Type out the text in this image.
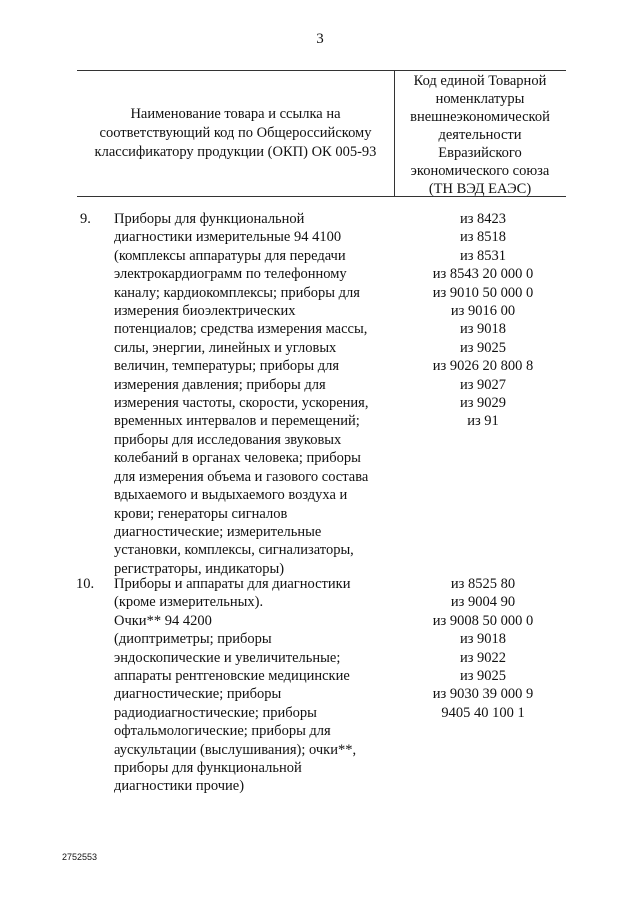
3
Наименование товара и ссылка на
соответствующий код по Общероссийскому
классификатору продукции (ОКП) ОК 005-93
Код единой Товарной
номенклатуры
внешнеэкономической
деятельности
Евразийского
экономического союза
(ТН ВЭД ЕАЭС)
9. Приборы для функциональной
диагностики измерительные 94 4100
(комплексы аппаратуры для передачи
электрокардиограмм по телефонному
каналу; кардиокомплексы; приборы для
измерения биоэлектрических
потенциалов; средства измерения массы,
силы, энергии, линейных и угловых
величин, температуры; приборы для
измерения давления; приборы для
измерения частоты, скорости, ускорения,
временных интервалов и перемещений;
приборы для исследования звуковых
колебаний в органах человека; приборы
для измерения объема и газового состава
вдыхаемого и выдыхаемого воздуха и
крови; генераторы сигналов
диагностические; измерительные
установки, комплексы, сигнализаторы,
регистраторы, индикаторы)
из 8423
из 8518
из 8531
из 8543 20 000 0
из 9010 50 000 0
из 9016 00
из 9018
из 9025
из 9026 20 800 8
из 9027
из 9029
из 91
10. Приборы и аппараты для диагностики
(кроме измерительных).
Очки** 94 4200
(диоптриметры; приборы
эндоскопические и увеличительные;
аппараты рентгеновские медицинские
диагностические; приборы
радиодиагностические; приборы
офтальмологические; приборы для
аускультации (выслушивания); очки**,
приборы для функциональной
диагностики прочие)
из 8525 80
из 9004 90
из 9008 50 000 0
из 9018
из 9022
из 9025
из 9030 39 000 9
9405 40 100 1
2752553
